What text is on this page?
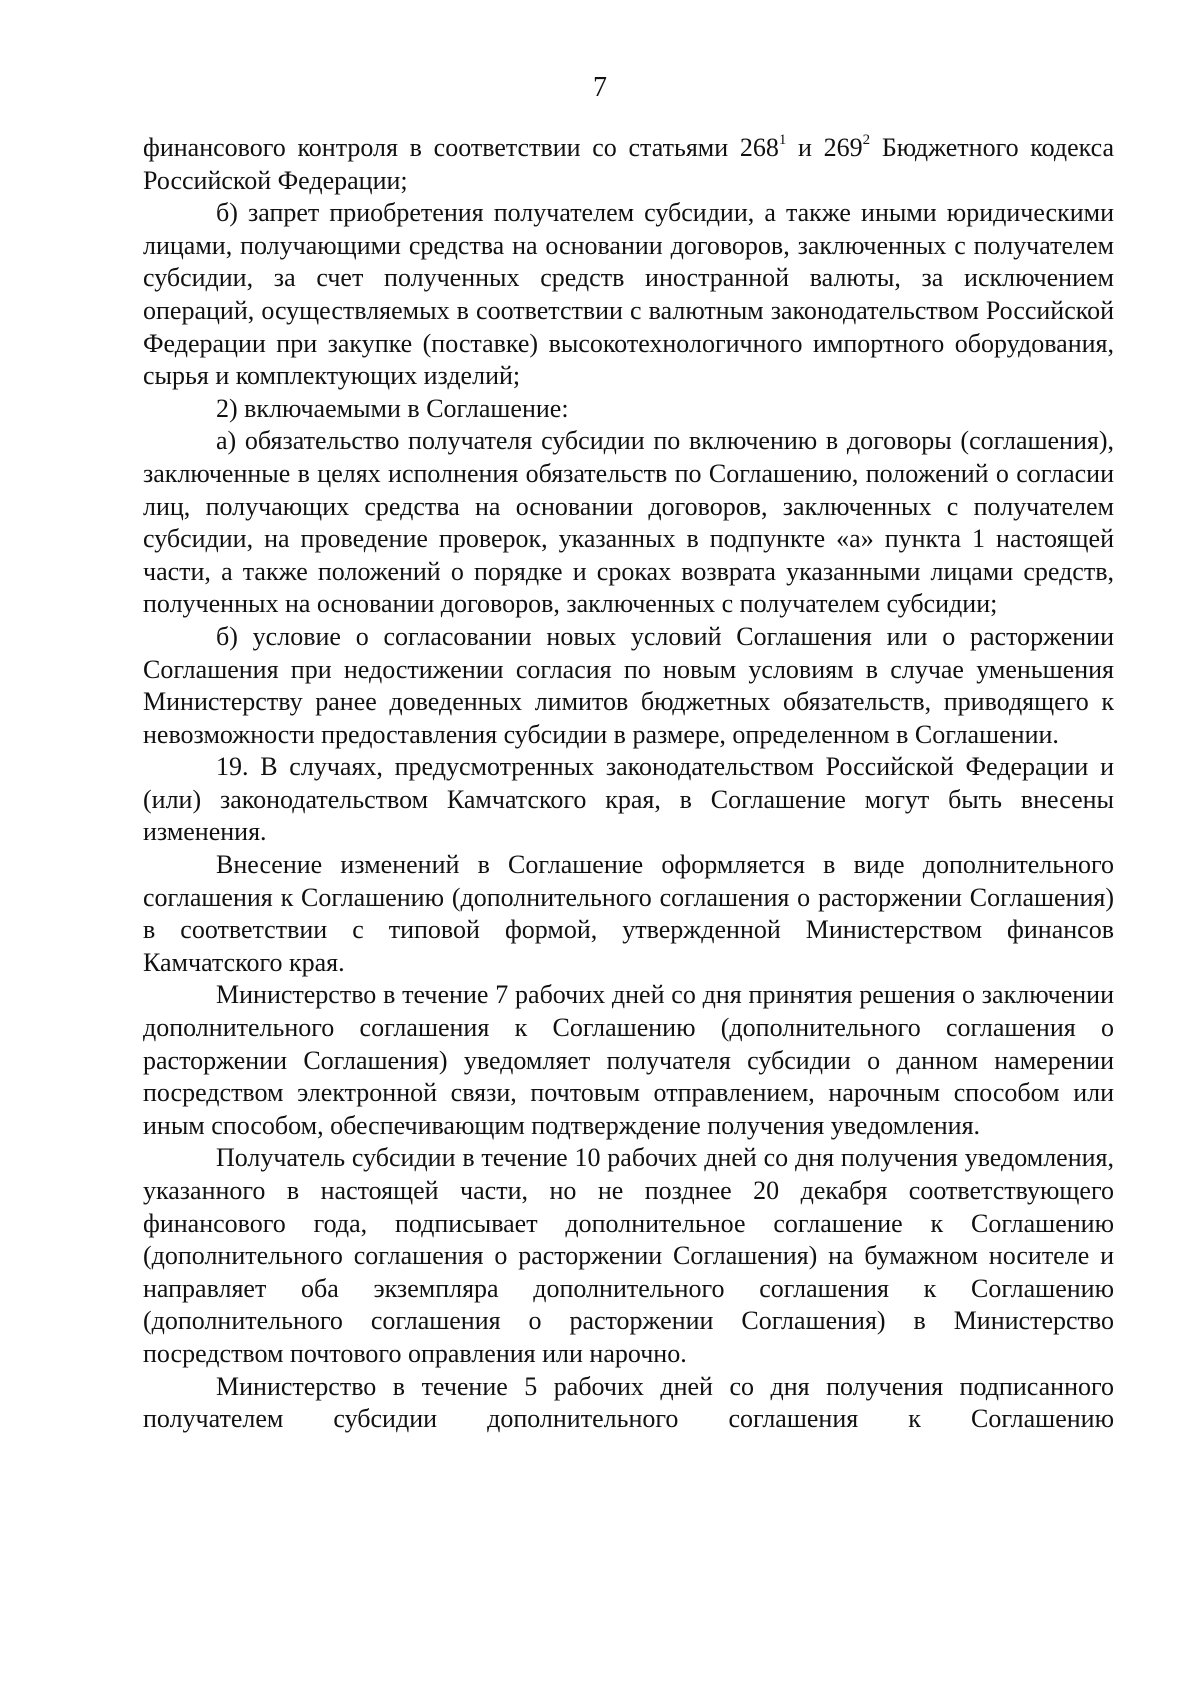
7

финансового контроля в соответствии со статьями $268^1$ и $269^2$ Бюджетного кодекса Российской Федерации;

б) запрет приобретения получателем субсидии, а также иными юридическими лицами, получающими средства на основании договоров, заключенных с получателем субсидии, за счет полученных средств иностранной валюты, за исключением операций, осуществляемых в соответствии с валютным законодательством Российской Федерации при закупке (поставке) высокотехнологичного импортного оборудования, сырья и комплектующих изделий;

2) включаемыми в Соглашение:

а) обязательство получателя субсидии по включению в договоры (соглашения), заключенные в целях исполнения обязательств по Соглашению, положений о согласии лиц, получающих средства на основании договоров, заключенных с получателем субсидии, на проведение проверок, указанных в подпункте «а» пункта 1 настоящей части, а также положений о порядке и сроках возврата указанными лицами средств, полученных на основании договоров, заключенных с получателем субсидии;

б) условие о согласовании новых условий Соглашения или о расторжении Соглашения при недостижении согласия по новым условиям в случае уменьшения Министерству ранее доведенных лимитов бюджетных обязательств, приводящего к невозможности предоставления субсидии в размере, определенном в Соглашении.

19. В случаях, предусмотренных законодательством Российской Федерации и (или) законодательством Камчатского края, в Соглашение могут быть внесены изменения.

Внесение изменений в Соглашение оформляется в виде дополнительного соглашения к Соглашению (дополнительного соглашения о расторжении Соглашения) в соответствии с типовой формой, утвержденной Министерством финансов Камчатского края.

Министерство в течение 7 рабочих дней со дня принятия решения о заключении дополнительного соглашения к Соглашению (дополнительного соглашения о расторжении Соглашения) уведомляет получателя субсидии о данном намерении посредством электронной связи, почтовым отправлением, нарочным способом или иным способом, обеспечивающим подтверждение получения уведомления.

Получатель субсидии в течение 10 рабочих дней со дня получения уведомления, указанного в настоящей части, но не позднее 20 декабря соответствующего финансового года, подписывает дополнительное соглашение к Соглашению (дополнительного соглашения о расторжении Соглашения) на бумажном носителе и направляет оба экземпляра дополнительного соглашения к Соглашению (дополнительного соглашения о расторжении Соглашения) в Министерство посредством почтового оправления или нарочно.

Министерство в течение 5 рабочих дней со дня получения подписанного получателем субсидии дополнительного соглашения к Соглашению
